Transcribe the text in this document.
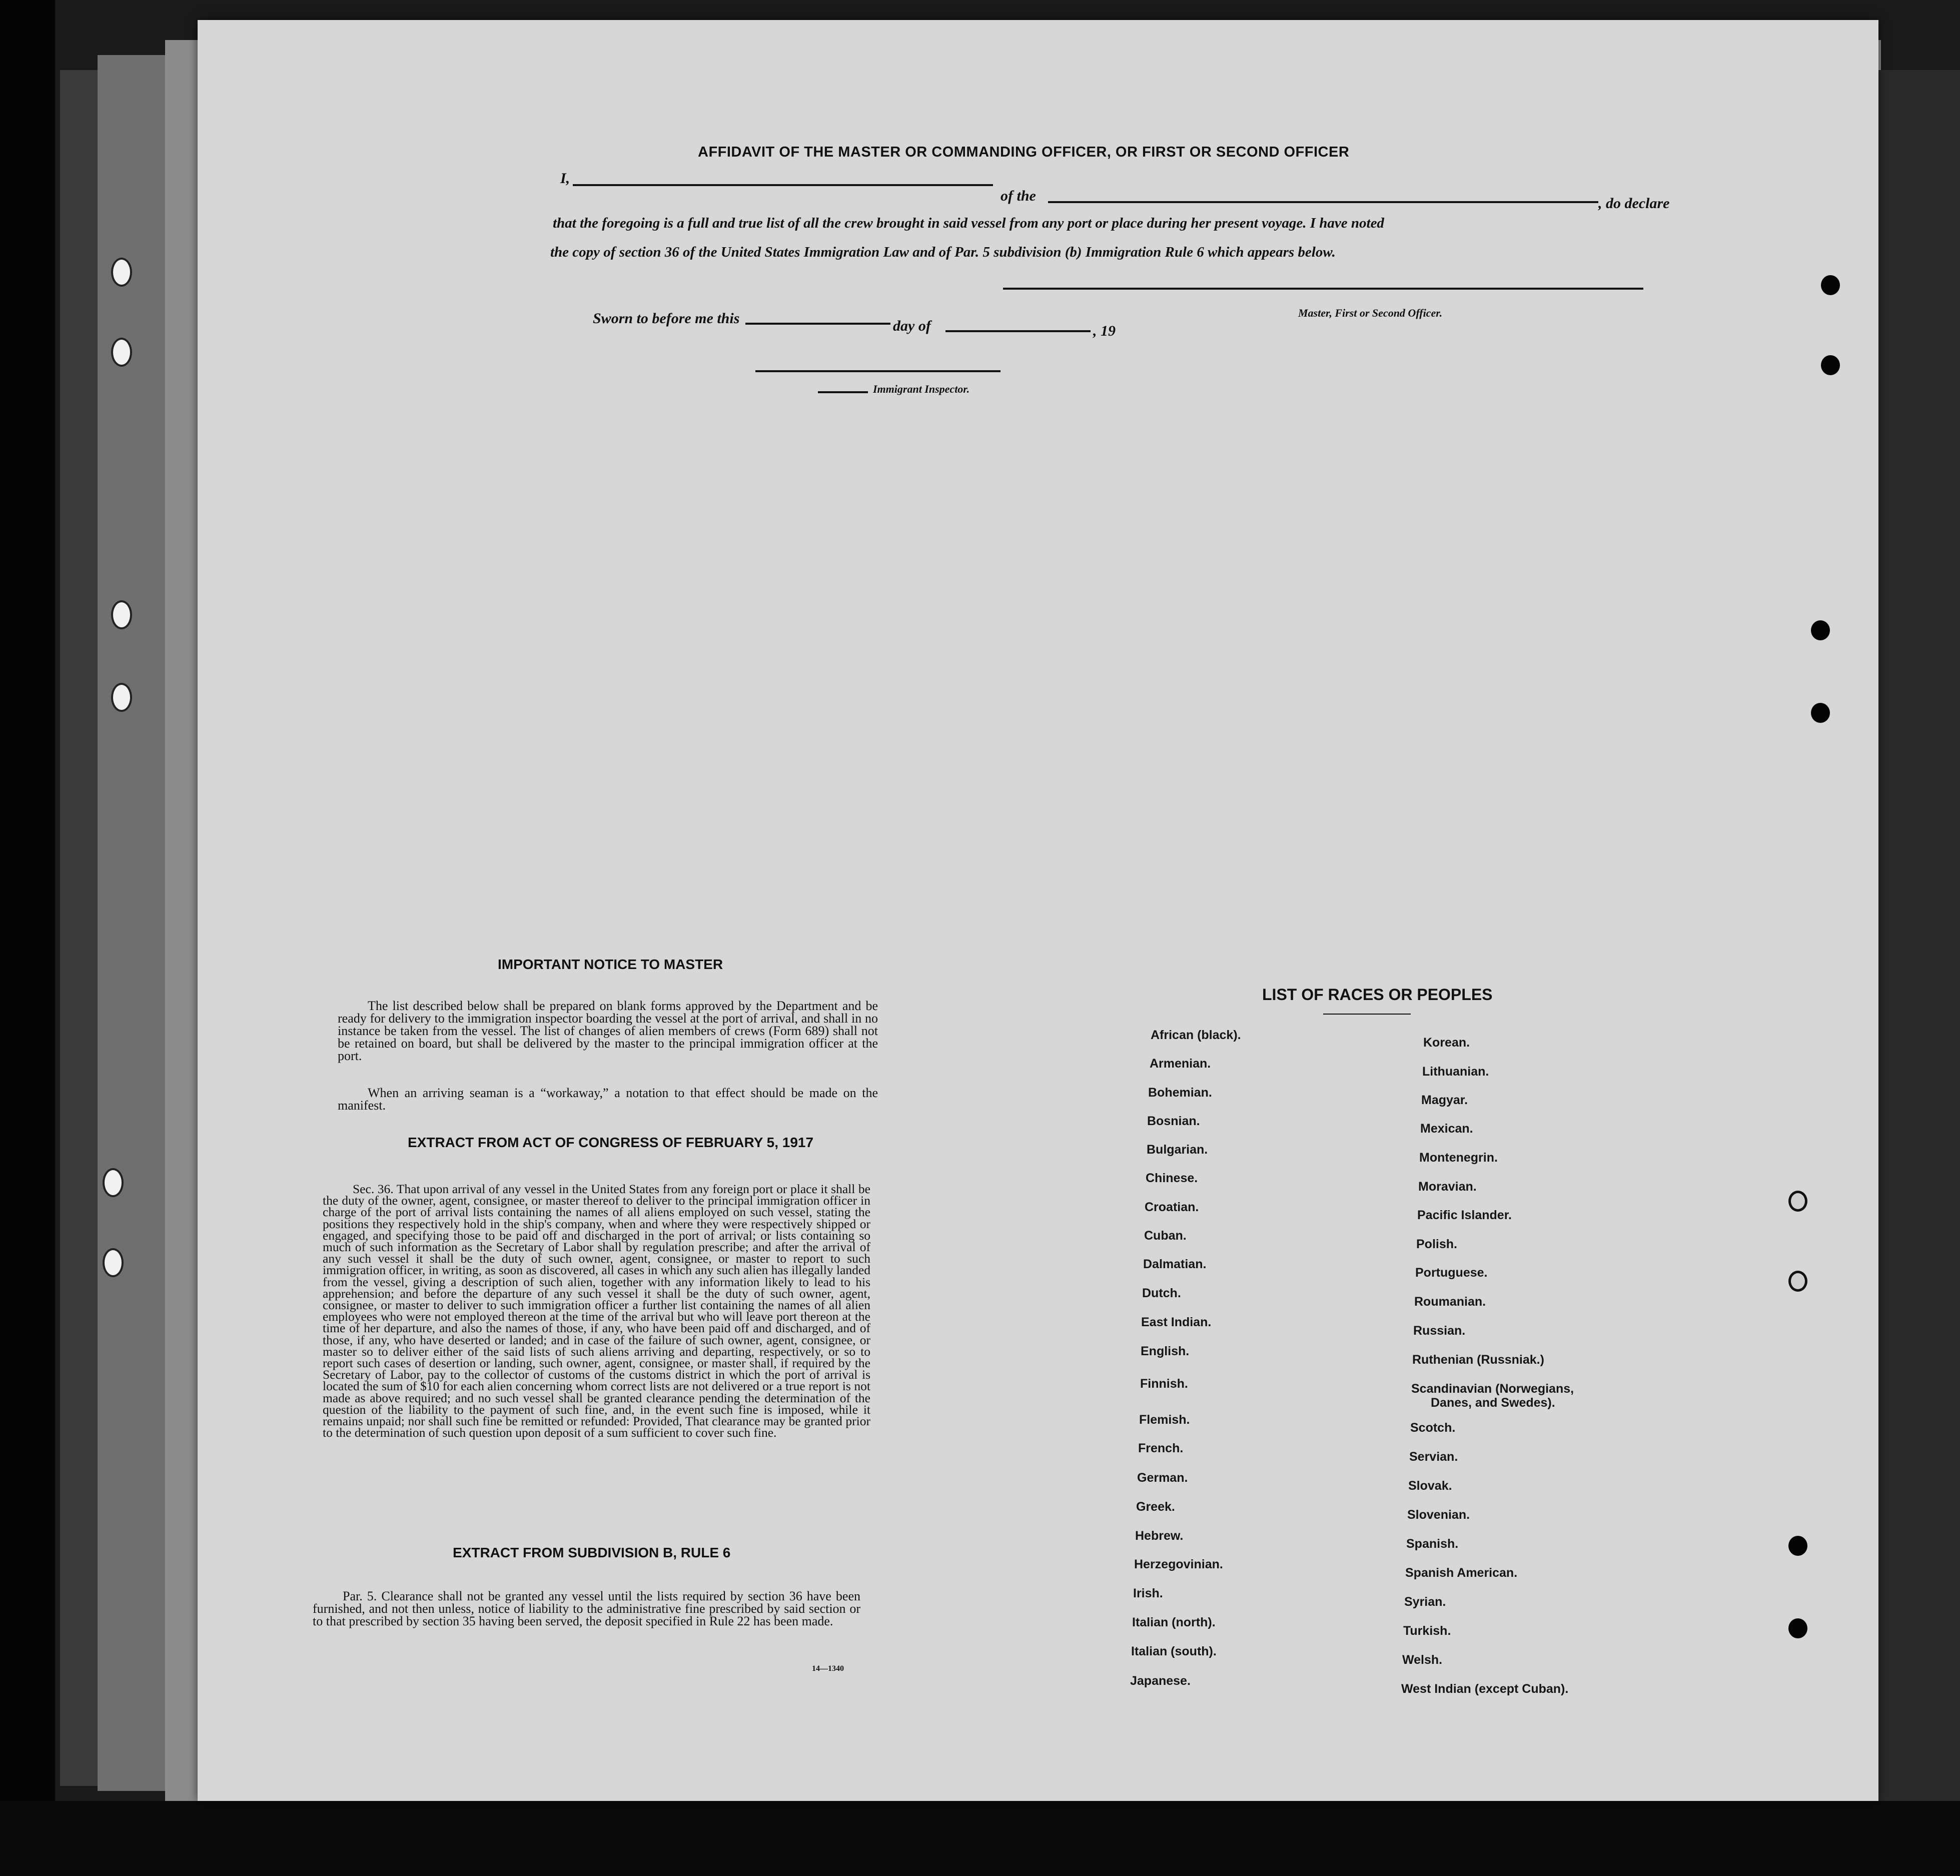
AFFIDAVIT OF THE MASTER OR COMMANDING OFFICER, OR FIRST OR SECOND OFFICER
I,
of the	, do declare
that the foregoing is a full and true list of all the crew brought in said vessel from any port or place during her present voyage. I have noted
the copy of section 36 of the United States Immigration Law and of Par. 5 subdivision (b) Immigration Rule 6 which appears below.
Master, First or Second Officer.
Sworn to before me this	day of	, 19
Immigrant Inspector.
IMPORTANT NOTICE TO MASTER
The list described below shall be prepared on blank forms approved by the Department and be ready for delivery to the immigration inspector boarding the vessel at the port of arrival, and shall in no instance be taken from the vessel. The list of changes of alien members of crews (Form 689) shall not be retained on board, but shall be delivered by the master to the principal immigration officer at the port.
When an arriving seaman is a “workaway,” a notation to that effect should be made on the manifest.
EXTRACT FROM ACT OF CONGRESS OF FEBRUARY 5, 1917
Sec. 36. That upon arrival of any vessel in the United States from any foreign port or place it shall be the duty of the owner, agent, consignee, or master thereof to deliver to the principal immigration officer in charge of the port of arrival lists containing the names of all aliens employed on such vessel, stating the positions they respectively hold in the ship's company, when and where they were respectively shipped or engaged, and specifying those to be paid off and discharged in the port of arrival; or lists containing so much of such information as the Secretary of Labor shall by regulation prescribe; and after the arrival of any such vessel it shall be the duty of such owner, agent, consignee, or master to report to such immigration officer, in writing, as soon as discovered, all cases in which any such alien has illegally landed from the vessel, giving a description of such alien, together with any information likely to lead to his apprehension; and before the departure of any such vessel it shall be the duty of such owner, agent, consignee, or master to deliver to such immigration officer a further list containing the names of all alien employees who were not employed thereon at the time of the arrival but who will leave port thereon at the time of her departure, and also the names of those, if any, who have been paid off and discharged, and of those, if any, who have deserted or landed; and in case of the failure of such owner, agent, consignee, or master so to deliver either of the said lists of such aliens arriving and departing, respectively, or so to report such cases of desertion or landing, such owner, agent, consignee, or master shall, if required by the Secretary of Labor, pay to the collector of customs of the customs district in which the port of arrival is located the sum of $10 for each alien concerning whom correct lists are not delivered or a true report is not made as above required; and no such vessel shall be granted clearance pending the determination of the question of the liability to the payment of such fine, and, in the event such fine is imposed, while it remains unpaid; nor shall such fine be remitted or refunded: Provided, That clearance may be granted prior to the determination of such question upon deposit of a sum sufficient to cover such fine.
EXTRACT FROM SUBDIVISION B, RULE 6
Par. 5. Clearance shall not be granted any vessel until the lists required by section 36 have been furnished, and not then unless, notice of liability to the administrative fine prescribed by said section or to that prescribed by section 35 having been served, the deposit specified in Rule 22 has been made.
14—1340
LIST OF RACES OR PEOPLES
African (black).
Armenian.
Bohemian.
Bosnian.
Bulgarian.
Chinese.
Croatian.
Cuban.
Dalmatian.
Dutch.
East Indian.
English.
Finnish.
Flemish.
French.
German.
Greek.
Hebrew.
Herzegovinian.
Irish.
Italian (north).
Italian (south).
Japanese.
Korean.
Lithuanian.
Magyar.
Mexican.
Montenegrin.
Moravian.
Pacific Islander.
Polish.
Portuguese.
Roumanian.
Russian.
Ruthenian (Russniak.)
Scandinavian (Norwegians,
Danes, and Swedes).
Scotch.
Servian.
Slovak.
Slovenian.
Spanish.
Spanish American.
Syrian.
Turkish.
Welsh.
West Indian (except Cuban).
